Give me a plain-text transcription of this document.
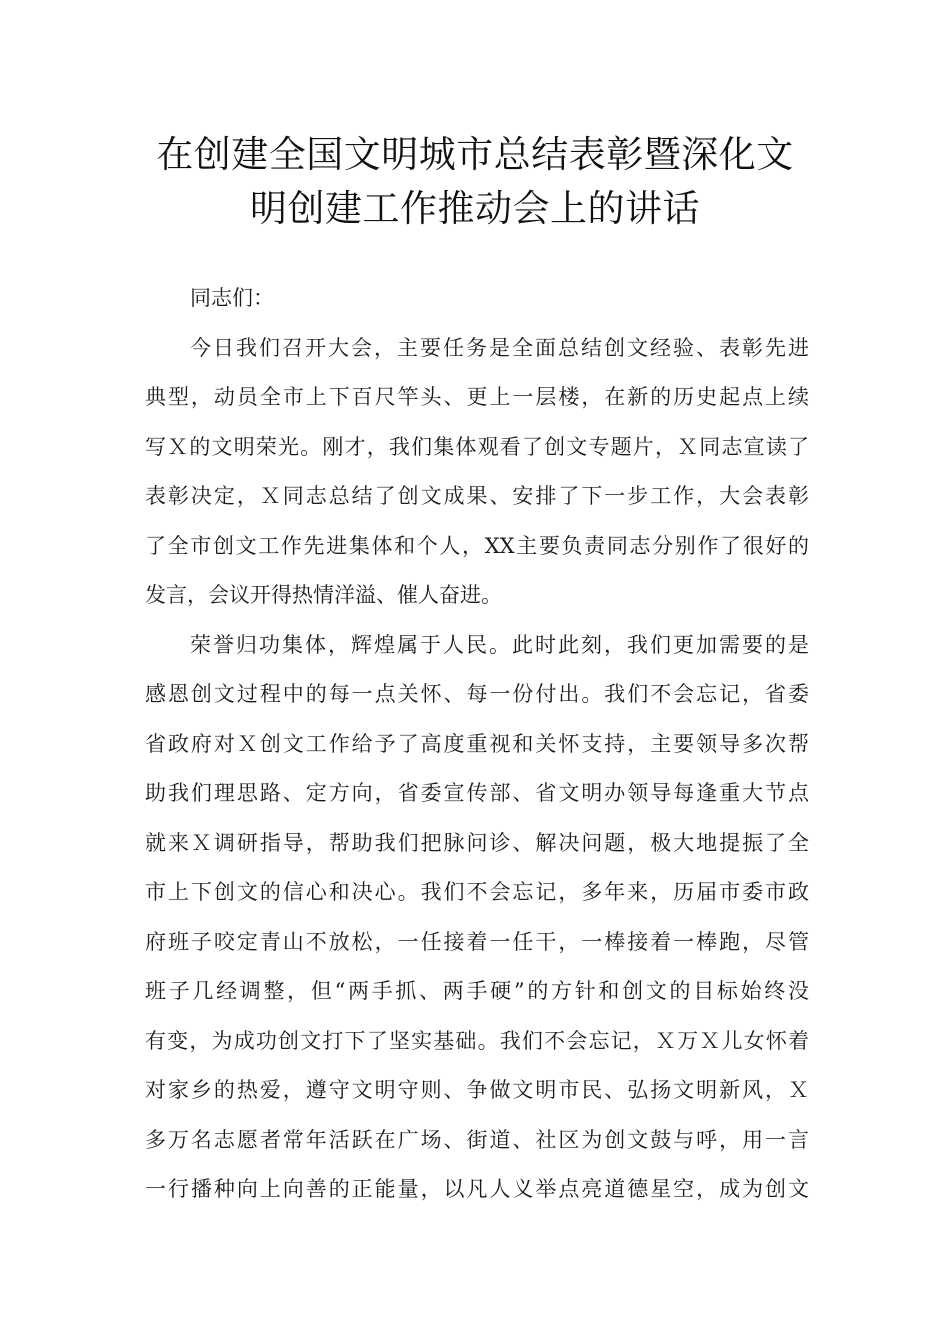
在创建全国文明城市总结表彰暨深化文
明创建工作推动会上的讲话
同志们：
今日我们召开大会，主要任务是全面总结创文经验、表彰先进
典型，动员全市上下百尺竿头、更上一层楼，在新的历史起点上续
写Ｘ的文明荣光。刚才，我们集体观看了创文专题片，Ｘ同志宣读了
表彰决定，Ｘ同志总结了创文成果、安排了下一步工作，大会表彰
了全市创文工作先进集体和个人，XX主要负责同志分别作了很好的
发言，会议开得热情洋溢、催人奋进。
荣誉归功集体，辉煌属于人民。此时此刻，我们更加需要的是
感恩创文过程中的每一点关怀、每一份付出。我们不会忘记，省委
省政府对Ｘ创文工作给予了高度重视和关怀支持，主要领导多次帮
助我们理思路、定方向，省委宣传部、省文明办领导每逢重大节点
就来Ｘ调研指导，帮助我们把脉问诊、解决问题，极大地提振了全
市上下创文的信心和决心。我们不会忘记，多年来，历届市委市政
府班子咬定青山不放松，一任接着一任干，一棒接着一棒跑，尽管
班子几经调整，但“两手抓、两手硬”的方针和创文的目标始终没
有变，为成功创文打下了坚实基础。我们不会忘记，Ｘ万Ｘ儿女怀着
对家乡的热爱，遵守文明守则、争做文明市民、弘扬文明新风，Ｘ
多万名志愿者常年活跃在广场、街道、社区为创文鼓与呼，用一言
一行播种向上向善的正能量，以凡人义举点亮道德星空，成为创文
